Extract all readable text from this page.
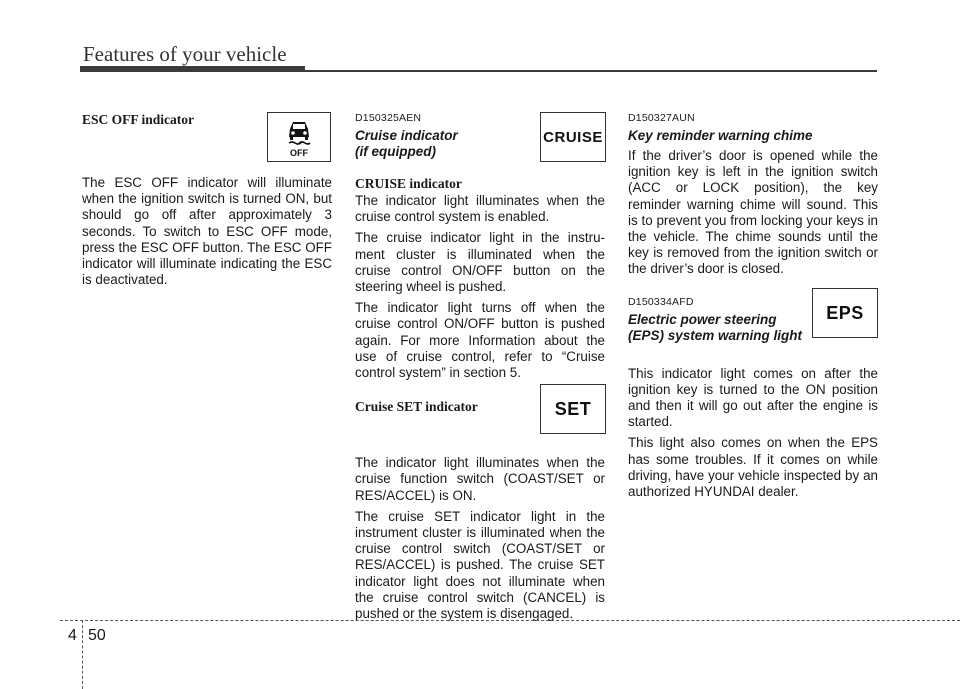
Features of your vehicle
ESC OFF indicator

The ESC OFF indicator will illuminate when the ignition switch is turned ON, but should go off after approximately 3 seconds. To switch to ESC OFF mode, press the ESC OFF button. The ESC OFF indicator will illuminate indicating the ESC is deactivated.

OFF
D150325AEN
Cruise indicator
(if equipped)
CRUISE indicator

The indicator light illuminates when the cruise control system is enabled.

The cruise indicator light in the instru- ment cluster is illuminated when the cruise control ON/OFF button on the steering wheel is pushed.

The indicator light turns off when the cruise control ON/OFF button is pushed again. For more Information about the use of cruise control, refer to “Cruise control system” in section 5.

Cruise SET indicator

The indicator light illuminates when the cruise function switch (COAST/SET or RES/ACCEL) is ON.

The cruise SET indicator light in the instrument cluster is illuminated when the cruise control switch (COAST/SET or RES/ACCEL) is pushed. The cruise SET indicator light does not illuminate when the cruise control switch (CANCEL) is pushed or the system is disengaged.

CRUISE
SET
D150327AUN
Key reminder warning chime

If the driver’s door is opened while the ignition key is left in the ignition switch (ACC or LOCK position), the key reminder warning chime will sound. This is to prevent you from locking your keys in the vehicle. The chime sounds until the key is removed from the ignition switch or the driver’s door is closed.

D150334AFD
Electric power steering
(EPS) system warning light

This indicator light comes on after the ignition key is turned to the ON position and then it will go out after the engine is started.

This light also comes on when the EPS has some troubles. If it comes on while driving, have your vehicle inspected by an authorized HYUNDAI dealer.

EPS
4 50
